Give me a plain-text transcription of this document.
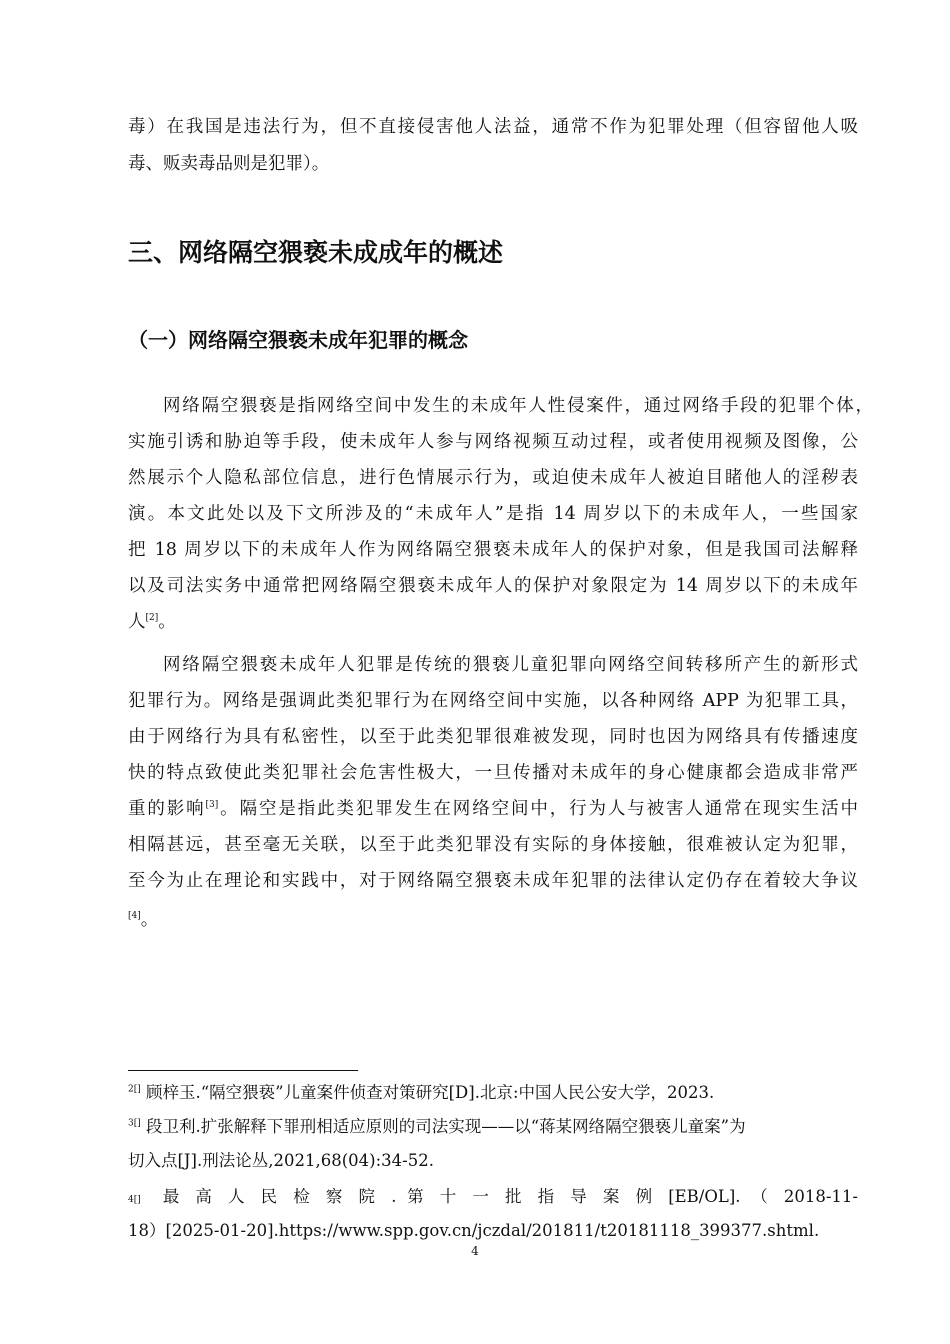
毒）在我国是违法行为，但不直接侵害他人法益，通常不作为犯罪处理（但容留他人吸
毒、贩卖毒品则是犯罪）。
三、网络隔空猥亵未成成年的概述
（一）网络隔空猥亵未成年犯罪的概念
网络隔空猥亵是指网络空间中发生的未成年人性侵案件，通过网络手段的犯罪个体，
实施引诱和胁迫等手段，使未成年人参与网络视频互动过程，或者使用视频及图像，公
然展示个人隐私部位信息，进行色情展示行为，或迫使未成年人被迫目睹他人的淫秽表
演。本文此处以及下文所涉及的“未成年人”是指 14 周岁以下的未成年人，一些国家
把 18 周岁以下的未成年人作为网络隔空猥亵未成年人的保护对象，但是我国司法解释
以及司法实务中通常把网络隔空猥亵未成年人的保护对象限定为 14 周岁以下的未成年
人[2]。
网络隔空猥亵未成年人犯罪是传统的猥亵儿童犯罪向网络空间转移所产生的新形式
犯罪行为。网络是强调此类犯罪行为在网络空间中实施，以各种网络 APP 为犯罪工具，
由于网络行为具有私密性，以至于此类犯罪很难被发现，同时也因为网络具有传播速度
快的特点致使此类犯罪社会危害性极大，一旦传播对未成年的身心健康都会造成非常严
重的影响[3]。隔空是指此类犯罪发生在网络空间中，行为人与被害人通常在现实生活中
相隔甚远，甚至毫无关联，以至于此类犯罪没有实际的身体接触，很难被认定为犯罪，
至今为止在理论和实践中，对于网络隔空猥亵未成年犯罪的法律认定仍存在着较大争议
[4]。
$^{2[]}$ 顾梓玉.“隔空猥亵”儿童案件侦查对策研究[D].北京:中国人民公安大学，2023.
$^{3[]}$ 段卫利.扩张解释下罪刑相适应原则的司法实现——以“蒋某网络隔空猥亵儿童案”为
切入点[J].刑法论丛,2021,68(04):34-52.
4[] 最 高 人 民 检 察 院 . 第 十 一 批 指 导 案 例 [EB/OL]. （ 2018-11-
18）[2025-01-20].https://www.spp.gov.cn/jczdal/201811/t20181118_399377.shtml.
4
